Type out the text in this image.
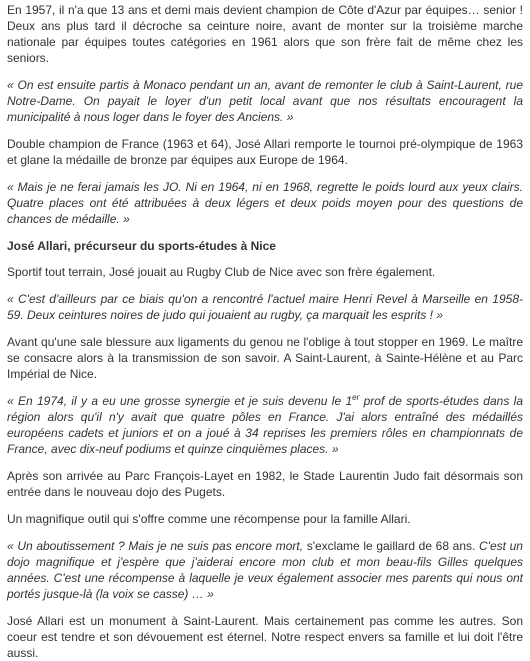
En 1957, il n'a que 13 ans et demi mais devient champion de Côte d'Azur par équipes… senior ! Deux ans plus tard il décroche sa ceinture noire, avant de monter sur la troisième marche nationale par équipes toutes catégories en 1961 alors que son frère fait de même chez les seniors.

« On est ensuite partis à Monaco pendant un an, avant de remonter le club à Saint-Laurent, rue Notre-Dame. On payait le loyer d'un petit local avant que nos résultats encouragent la municipalité à nous loger dans le foyer des Anciens. »

Double champion de France (1963 et 64), José Allari remporte le tournoi pré-olympique de 1963 et glane la médaille de bronze par équipes aux Europe de 1964.

« Mais je ne ferai jamais les JO. Ni en 1964, ni en 1968, regrette le poids lourd aux yeux clairs. Quatre places ont été attribuées à deux légers et deux poids moyen pour des questions de chances de médaille. »

José Allari, précurseur du sports-études à Nice

Sportif tout terrain, José jouait au Rugby Club de Nice avec son frère également.

« C'est d'ailleurs par ce biais qu'on a rencontré l'actuel maire Henri Revel à Marseille en 1958-59. Deux ceintures noires de judo qui jouaient au rugby, ça marquait les esprits ! »

Avant qu'une sale blessure aux ligaments du genou ne l'oblige à tout stopper en 1969. Le maître se consacre alors à la transmission de son savoir. A Saint-Laurent, à Sainte-Hélène et au Parc Impérial de Nice.

« En 1974, il y a eu une grosse synergie et je suis devenu le 1er prof de sports-études dans la région alors qu'il n'y avait que quatre pôles en France. J'ai alors entraîné des médaillés européens cadets et juniors et on a joué à 34 reprises les premiers rôles en championnats de France, avec dix-neuf podiums et quinze cinquièmes places. »

Après son arrivée au Parc François-Layet en 1982, le Stade Laurentin Judo fait désormais son entrée dans le nouveau dojo des Pugets.

Un magnifique outil qui s'offre comme une récompense pour la famille Allari.

« Un aboutissement ? Mais je ne suis pas encore mort, s'exclame le gaillard de 68 ans. C'est un dojo magnifique et j'espère que j'aiderai encore mon club et mon beau-fils Gilles quelques années. C'est une récompense à laquelle je veux également associer mes parents qui nous ont portés jusque-là (la voix se casse) … »

José Allari est un monument à Saint-Laurent. Mais certainement pas comme les autres. Son coeur est tendre et son dévouement est éternel. Notre respect envers sa famille et lui doit l'être aussi.
